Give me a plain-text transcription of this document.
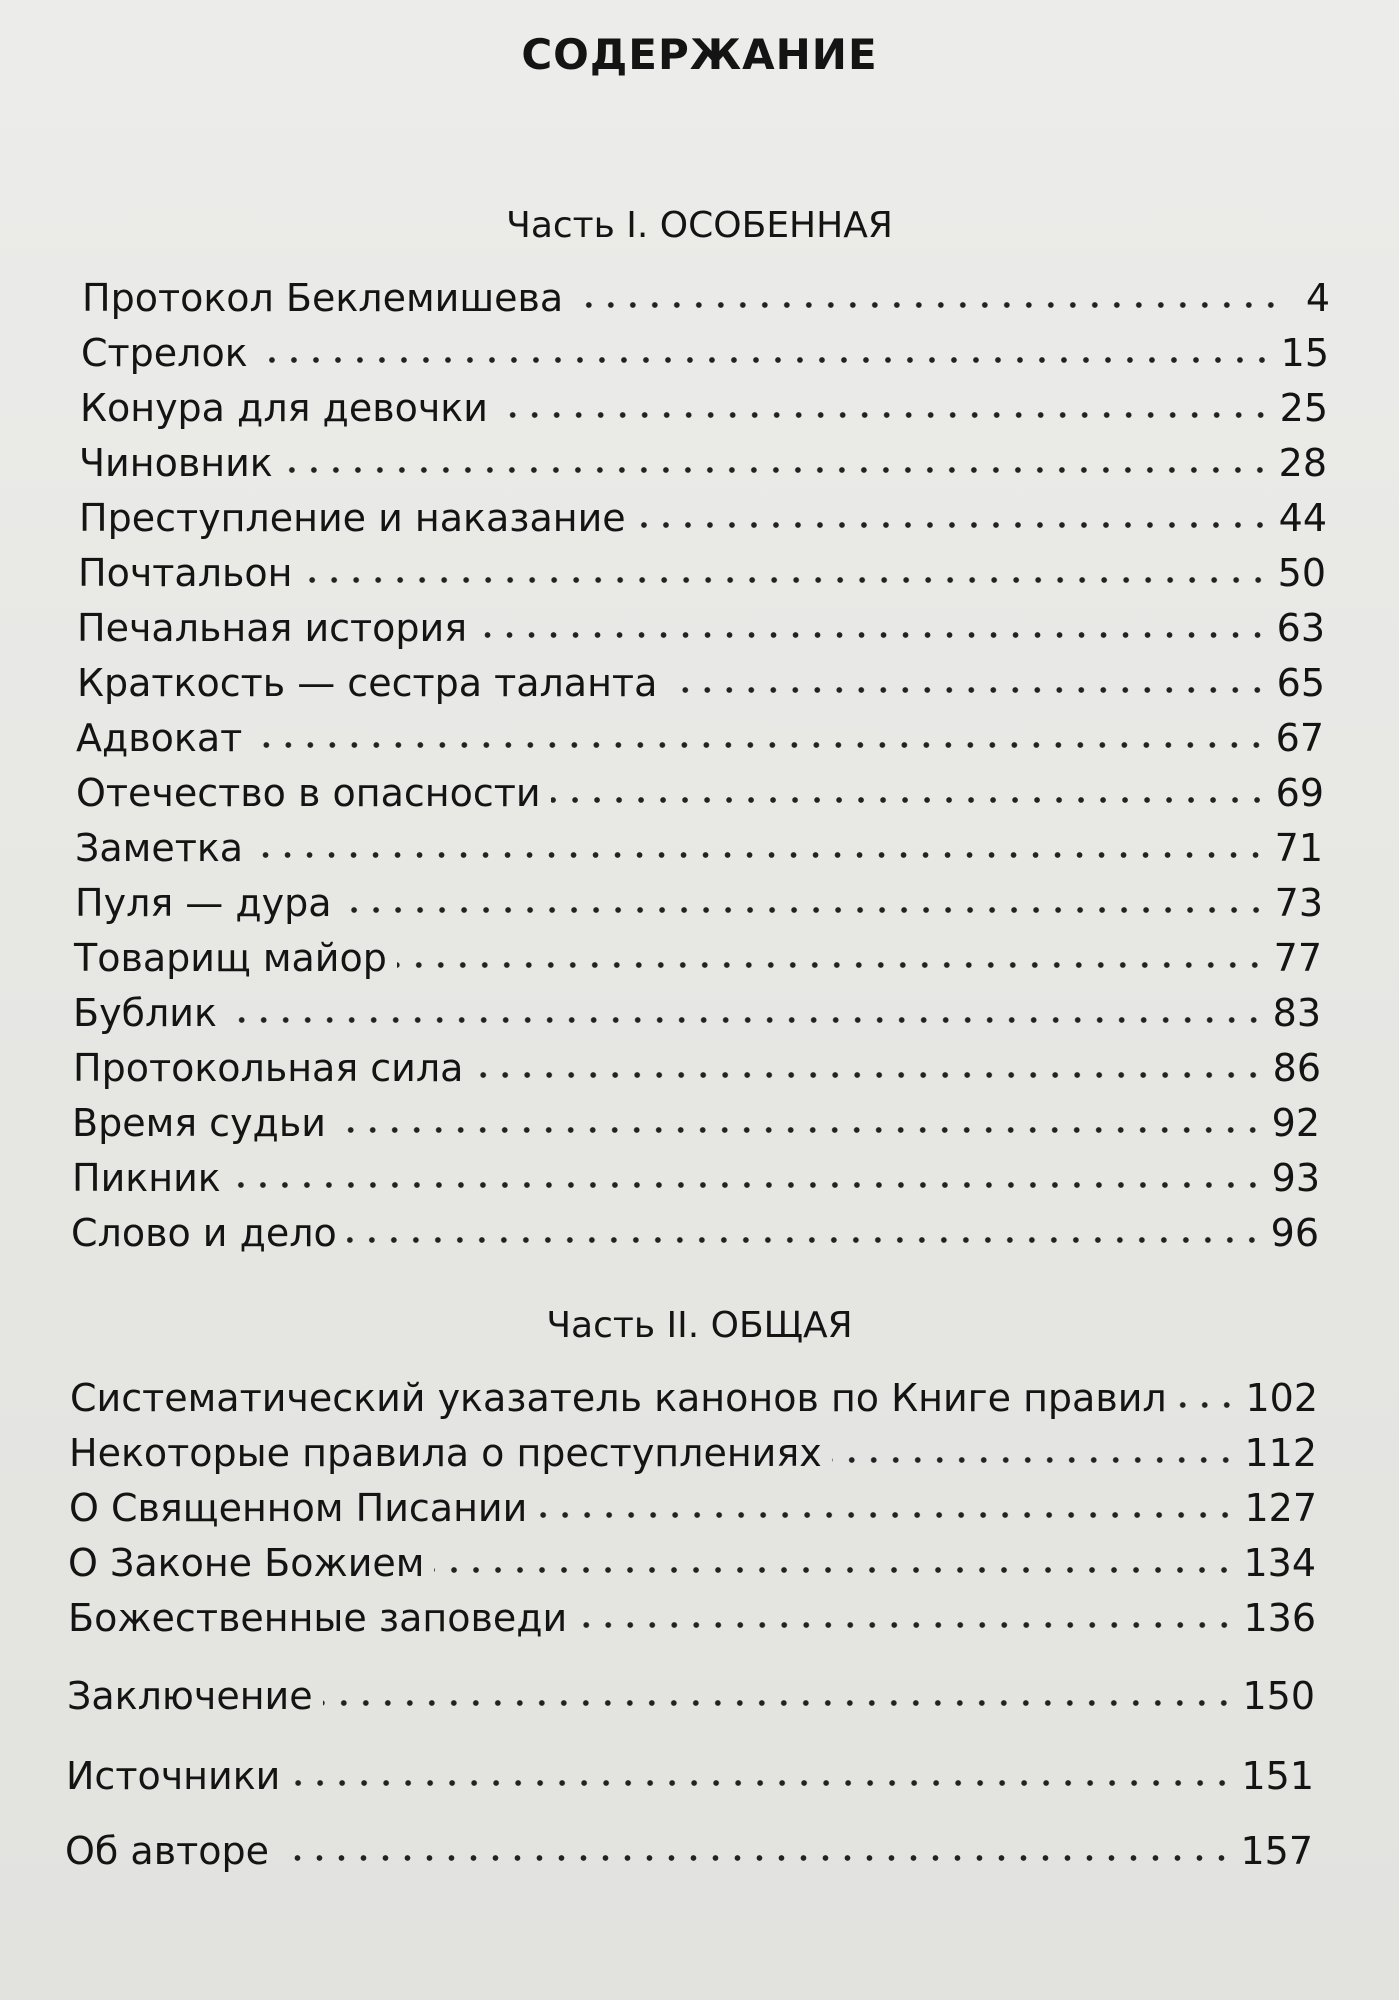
СОДЕРЖАНИЕ
Часть I. ОСОБЕННАЯ
Протокол Беклемишева	4
Стрелок	15
Конура для девочки	25
Чиновник	28
Преступление и наказание	44
Почтальон	50
Печальная история	63
Краткость — сестра таланта	65
Адвокат	67
Отечество в опасности	69
Заметка	71
Пуля — дура	73
Товарищ майор	77
Бублик	83
Протокольная сила	86
Время судьи	92
Пикник	93
Слово и дело	96
Часть II. ОБЩАЯ
Систематический указатель канонов по Книге правил 102
Некоторые правила о преступлениях	112
О Священном Писании	127
О Законе Божием	134
Божественные заповеди	136
Заключение	150
Источники	151
Об авторе	157
